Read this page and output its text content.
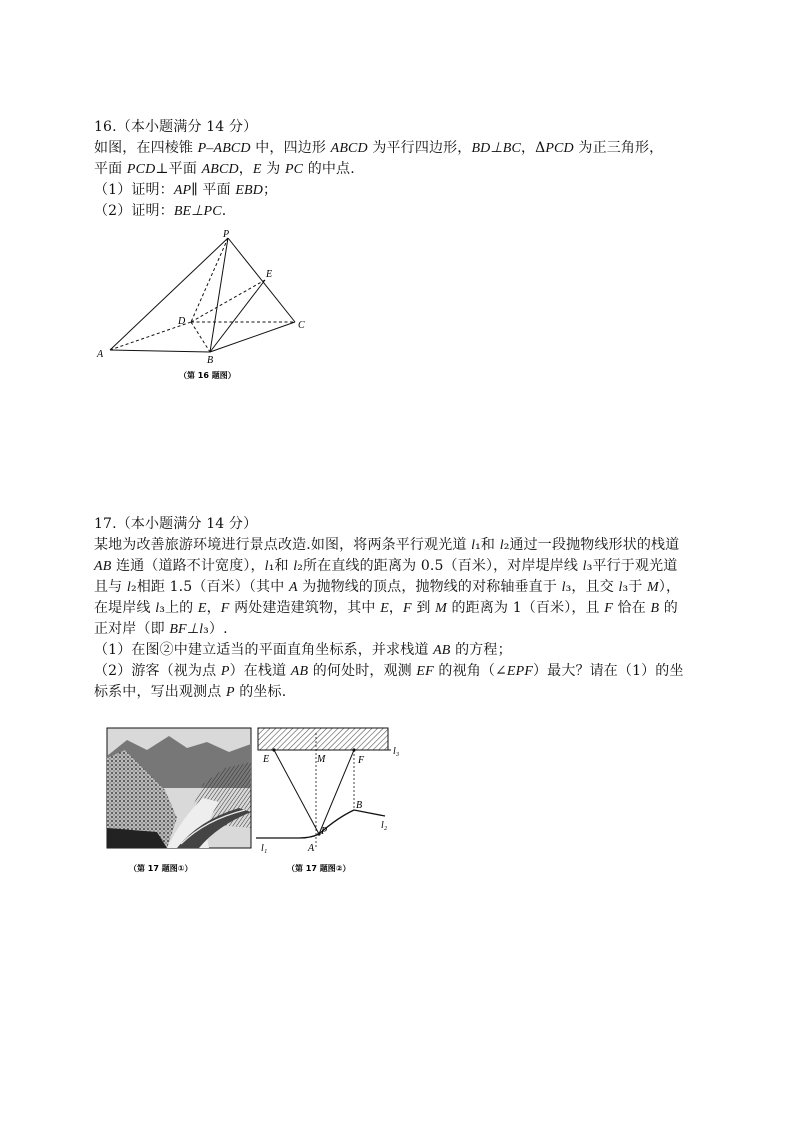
16.（本小题满分 14 分）
如图，在四棱锥 P–ABCD 中，四边形 ABCD 为平行四边形，BD⊥BC，ΔPCD 为正三角形，
平面 PCD⊥平面 ABCD，E 为 PC 的中点.
（1）证明：AP∥ 平面 EBD；
（2）证明：BE⊥PC.
P
E
D	C
A
B
（第 16 题图）
17.（本小题满分 14 分）
某地为改善旅游环境进行景点改造.如图，将两条平行观光道 l₁和 l₂通过一段抛物线形状的栈道
AB 连通（道路不计宽度），l₁和 l₂所在直线的距离为 0.5（百米），对岸堤岸线 l₃平行于观光道
且与 l₂相距 1.5（百米）（其中 A 为抛物线的顶点，抛物线的对称轴垂直于 l₃，且交 l₃于 M），
在堤岸线 l₃上的 E，F 两处建造建筑物，其中 E，F 到 M 的距离为 1（百米），且 F 恰在 B 的
正对岸（即 BF⊥l₃）.
（1）在图②中建立适当的平面直角坐标系，并求栈道 AB 的方程；
（2）游客（视为点 P）在栈道 AB 的何处时，观测 EF 的视角（∠EPF）最大？请在（1）的坐
标系中，写出观测点 P 的坐标.
（第 17 题图①）
E	M	F
l₃
B
l₂
P
l₁	A
（第 17 题图②）
